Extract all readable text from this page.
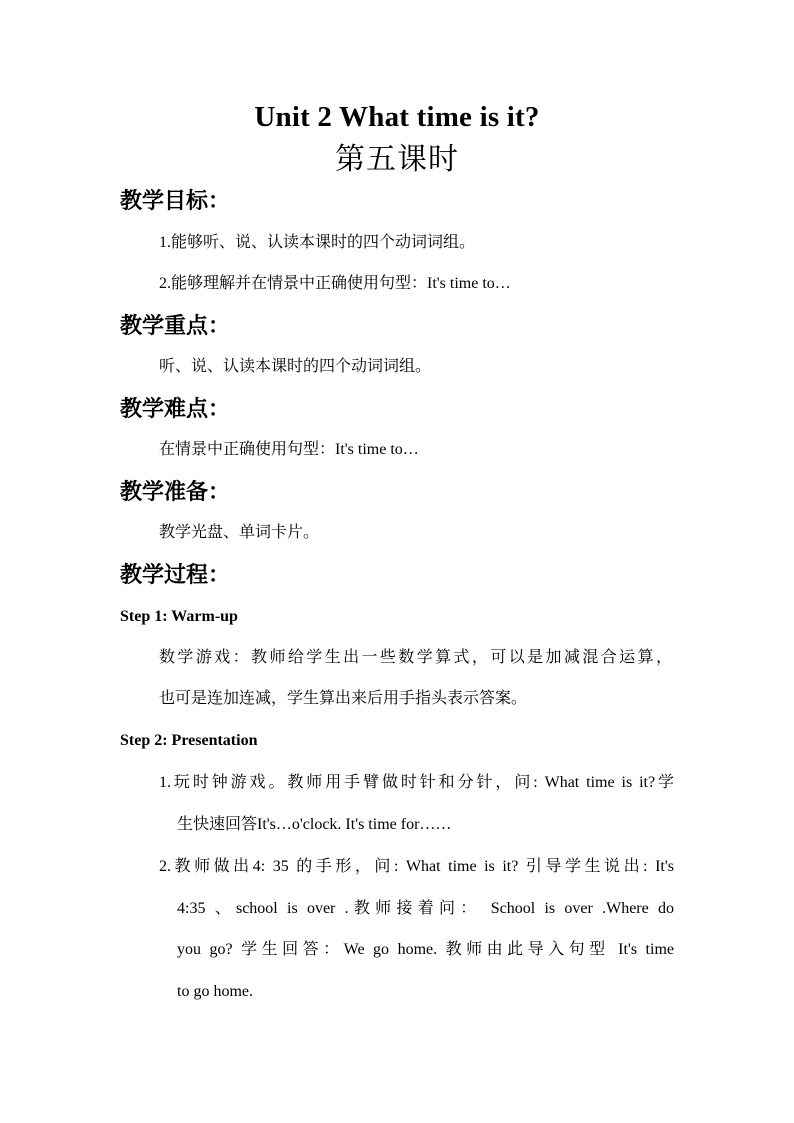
Unit 2 What time is it?
第五课时
教学目标：
1.能够听、说、认读本课时的四个动词词组。
2.能够理解并在情景中正确使用句型：It's time to…
教学重点：
听、说、认读本课时的四个动词词组。
教学难点：
在情景中正确使用句型：It's time to…
教学准备：
教学光盘、单词卡片。
教学过程：
Step 1: Warm-up
数学游戏：教师给学生出一些数学算式，可以是加减混合运算，
也可是连加连减，学生算出来后用手指头表示答案。
Step 2: Presentation
1.玩时钟游戏。教师用手臂做时针和分针，问: What time is it?学
生快速回答It's…o'clock. It's time for……
2.教师做出4: 35 的手形，问: What time is it? 引导学生说出: It's
4:35 、school is over .教师接着问： School is over .Where do
you go? 学生回答：We go home. 教师由此导入句型 It's time
to go home.
